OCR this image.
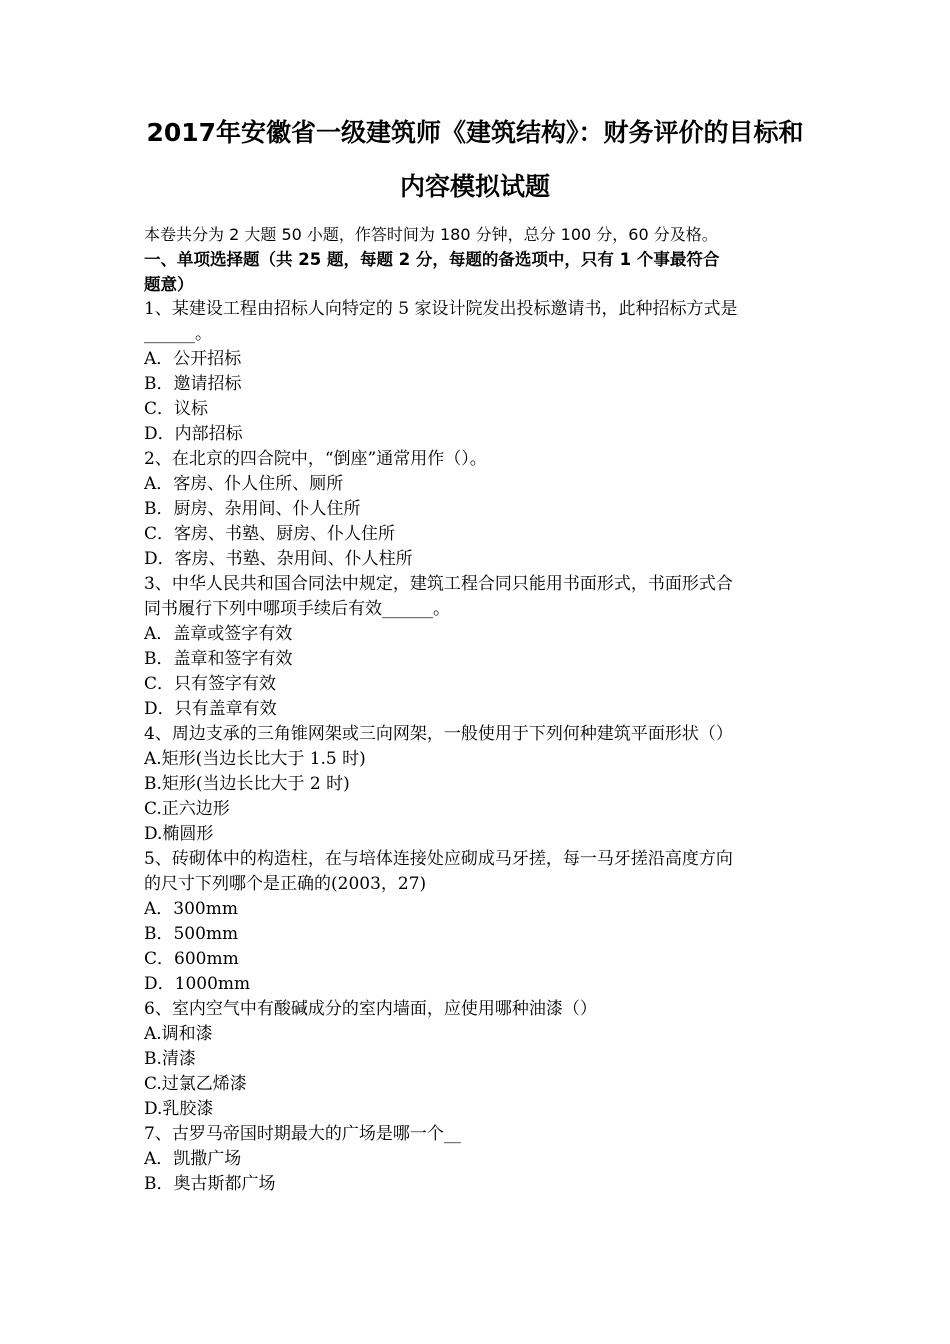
2017年安徽省一级建筑师《建筑结构》：财务评价的目标和
内容模拟试题
本卷共分为 2 大题 50 小题，作答时间为 180 分钟，总分 100 分，60 分及格。
一、单项选择题（共 25 题，每题 2 分，每题的备选项中，只有 1 个事最符合
题意）
1、某建设工程由招标人向特定的 5 家设计院发出投标邀请书，此种招标方式是
______。
A．公开招标
B．邀请招标
C．议标
D．内部招标
2、在北京的四合院中，“倒座”通常用作（）。
A．客房、仆人住所、厕所
B．厨房、杂用间、仆人住所
C．客房、书塾、厨房、仆人住所
D．客房、书塾、杂用间、仆人柱所
3、中华人民共和国合同法中规定，建筑工程合同只能用书面形式，书面形式合
同书履行下列中哪项手续后有效______。
A．盖章或签字有效
B．盖章和签字有效
C．只有签字有效
D．只有盖章有效
4、周边支承的三角锥网架或三向网架，一般使用于下列何种建筑平面形状（）
A.矩形(当边长比大于 1.5 时)
B.矩形(当边长比大于 2 时)
C.正六边形
D.椭圆形
5、砖砌体中的构造柱，在与培体连接处应砌成马牙搓，每一马牙搓沿高度方向
的尺寸下列哪个是正确的(2003，27)
A．300mm
B．500mm
C．600mm
D．1000mm
6、室内空气中有酸碱成分的室内墙面，应使用哪种油漆（）
A.调和漆
B.清漆
C.过氯乙烯漆
D.乳胶漆
7、古罗马帝国时期最大的广场是哪一个__
A．凯撒广场
B．奥古斯都广场
